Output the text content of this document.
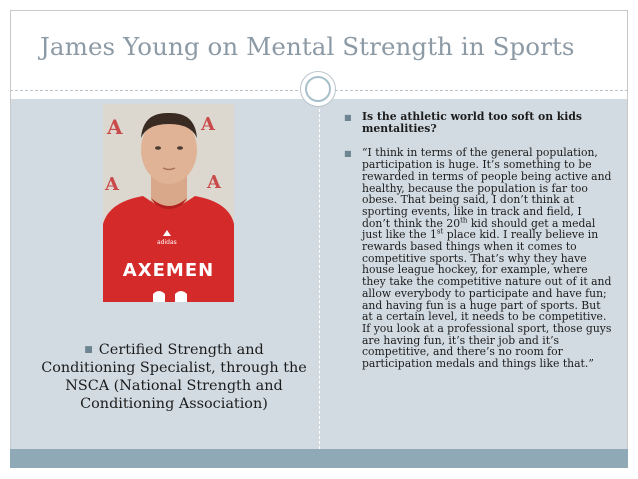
James Young on Mental Strength in Sports
A	A
A	A
adidas
AXEMEN
■ Certified Strength and Conditioning Specialist, through the NSCA (National Strength and Conditioning Association)
■ Is the athletic world too soft on kids mentalities?
■ “I think in terms of the general population, participation is huge. It’s something to be rewarded in terms of people being active and healthy, because the population is far too obese. That being said, I don’t think at sporting events, like in track and field, I don’t think the 20th kid should get a medal just like the 1st place kid. I really believe in rewards based things when it comes to competitive sports. That’s why they have house league hockey, for example, where they take the competitive nature out of it and allow everybody to participate and have fun; and having fun is a huge part of sports. But at a certain level, it needs to be competitive. If you look at a professional sport, those guys are having fun, it’s their job and it’s competitive, and there’s no room for participation medals and things like that.”
